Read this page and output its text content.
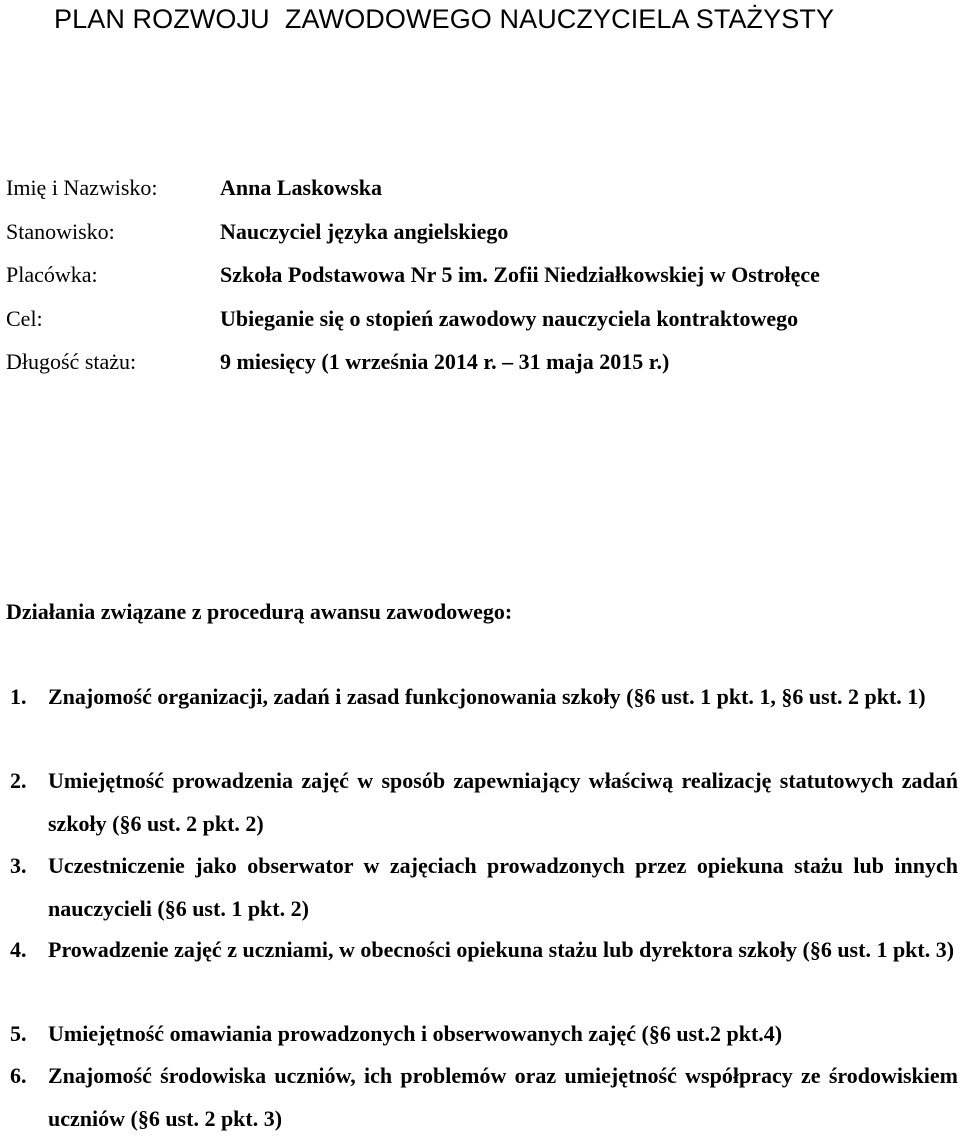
PLAN ROZWOJU  ZAWODOWEGO NAUCZYCIELA STAŻYSTY
Imię i Nazwisko:	Anna Laskowska
Stanowisko:	Nauczyciel języka angielskiego
Placówka:	Szkoła Podstawowa Nr 5 im. Zofii Niedziałkowskiej w Ostrołęce
Cel:	Ubieganie się o stopień zawodowy nauczyciela kontraktowego
Długość stażu:	9 miesięcy (1 września 2014 r. – 31 maja 2015 r.)
Działania związane z procedurą awansu zawodowego:
1. Znajomość organizacji, zadań i zasad funkcjonowania szkoły (§6 ust. 1 pkt. 1, §6 ust. 2 pkt. 1)
2. Umiejętność prowadzenia zajęć w sposób zapewniający właściwą realizację statutowych zadań szkoły (§6 ust. 2 pkt. 2)
3. Uczestniczenie jako obserwator w zajęciach prowadzonych przez opiekuna stażu lub innych nauczycieli (§6 ust. 1 pkt. 2)
4. Prowadzenie zajęć z uczniami, w obecności opiekuna stażu lub dyrektora szkoły (§6 ust. 1 pkt. 3)
5. Umiejętność omawiania prowadzonych i obserwowanych zajęć (§6 ust.2 pkt.4)
6. Znajomość środowiska uczniów, ich problemów oraz umiejętność współpracy ze środowiskiem uczniów (§6 ust. 2 pkt. 3)
